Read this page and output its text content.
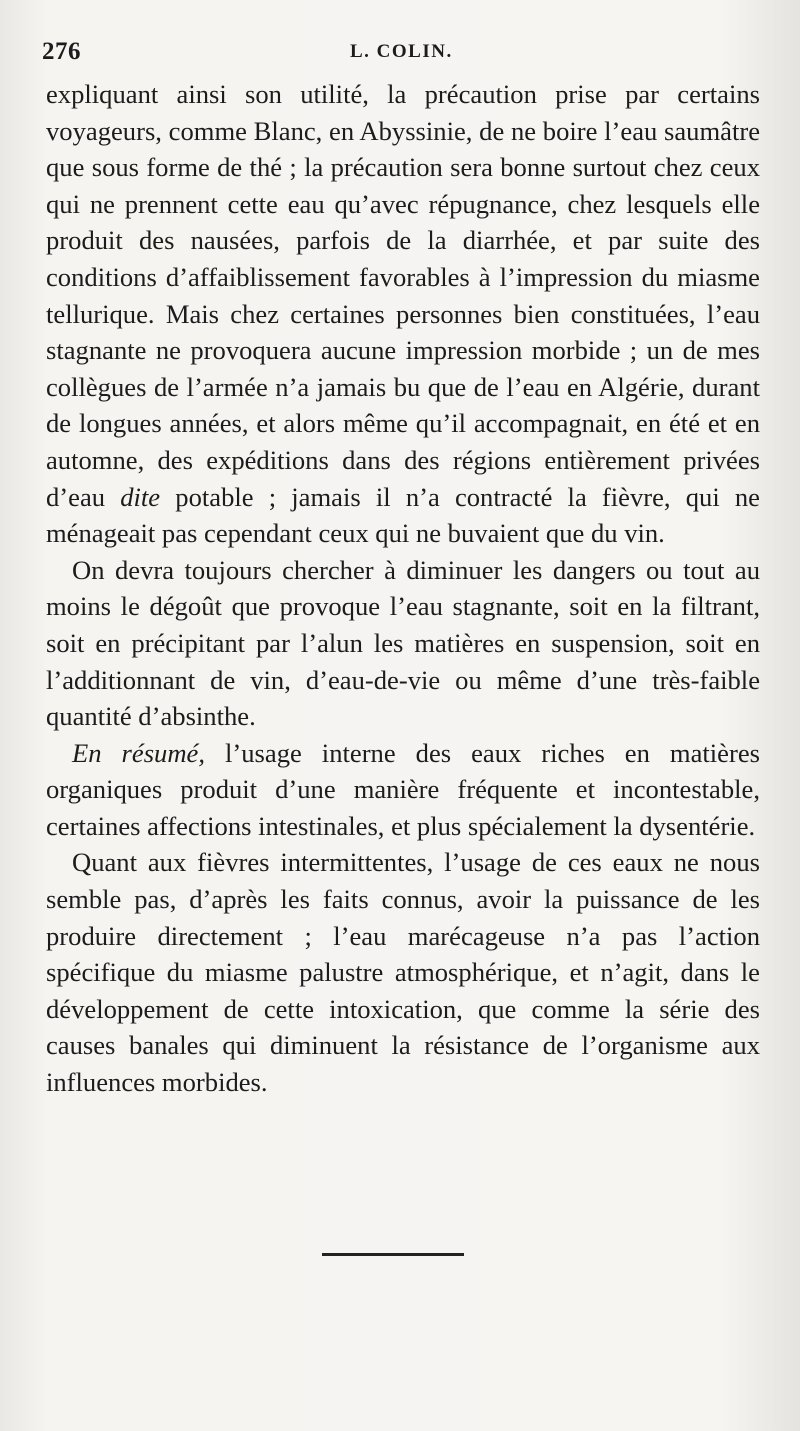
276	L. COLIN.

expliquant ainsi son utilité, la précaution prise par certains voyageurs, comme Blanc, en Abyssinie, de ne boire l’eau saumâtre que sous forme de thé ; la précaution sera bonne surtout chez ceux qui ne prennent cette eau qu’avec répugnance, chez lesquels elle produit des nausées, parfois de la diarrhée, et par suite des conditions d’affaiblissement favorables à l’impression du miasme tellurique. Mais chez certaines personnes bien constituées, l’eau stagnante ne provoquera aucune impression morbide ; un de mes collègues de l’armée n’a jamais bu que de l’eau en Algérie, durant de longues années, et alors même qu’il accompagnait, en été et en automne, des expéditions dans des régions entièrement privées d’eau dite potable ; jamais il n’a contracté la fièvre, qui ne ménageait pas cependant ceux qui ne buvaient que du vin.

On devra toujours chercher à diminuer les dangers ou tout au moins le dégoût que provoque l’eau stagnante, soit en la filtrant, soit en précipitant par l’alun les matières en suspension, soit en l’additionnant de vin, d’eau-de-vie ou même d’une très-faible quantité d’absinthe.

En résumé, l’usage interne des eaux riches en matières organiques produit d’une manière fréquente et incontestable, certaines affections intestinales, et plus spécialement la dysentérie.

Quant aux fièvres intermittentes, l’usage de ces eaux ne nous semble pas, d’après les faits connus, avoir la puissance de les produire directement ; l’eau marécageuse n’a pas l’action spécifique du miasme palustre atmosphérique, et n’agit, dans le développement de cette intoxication, que comme la série des causes banales qui diminuent la résistance de l’organisme aux influences morbides.
